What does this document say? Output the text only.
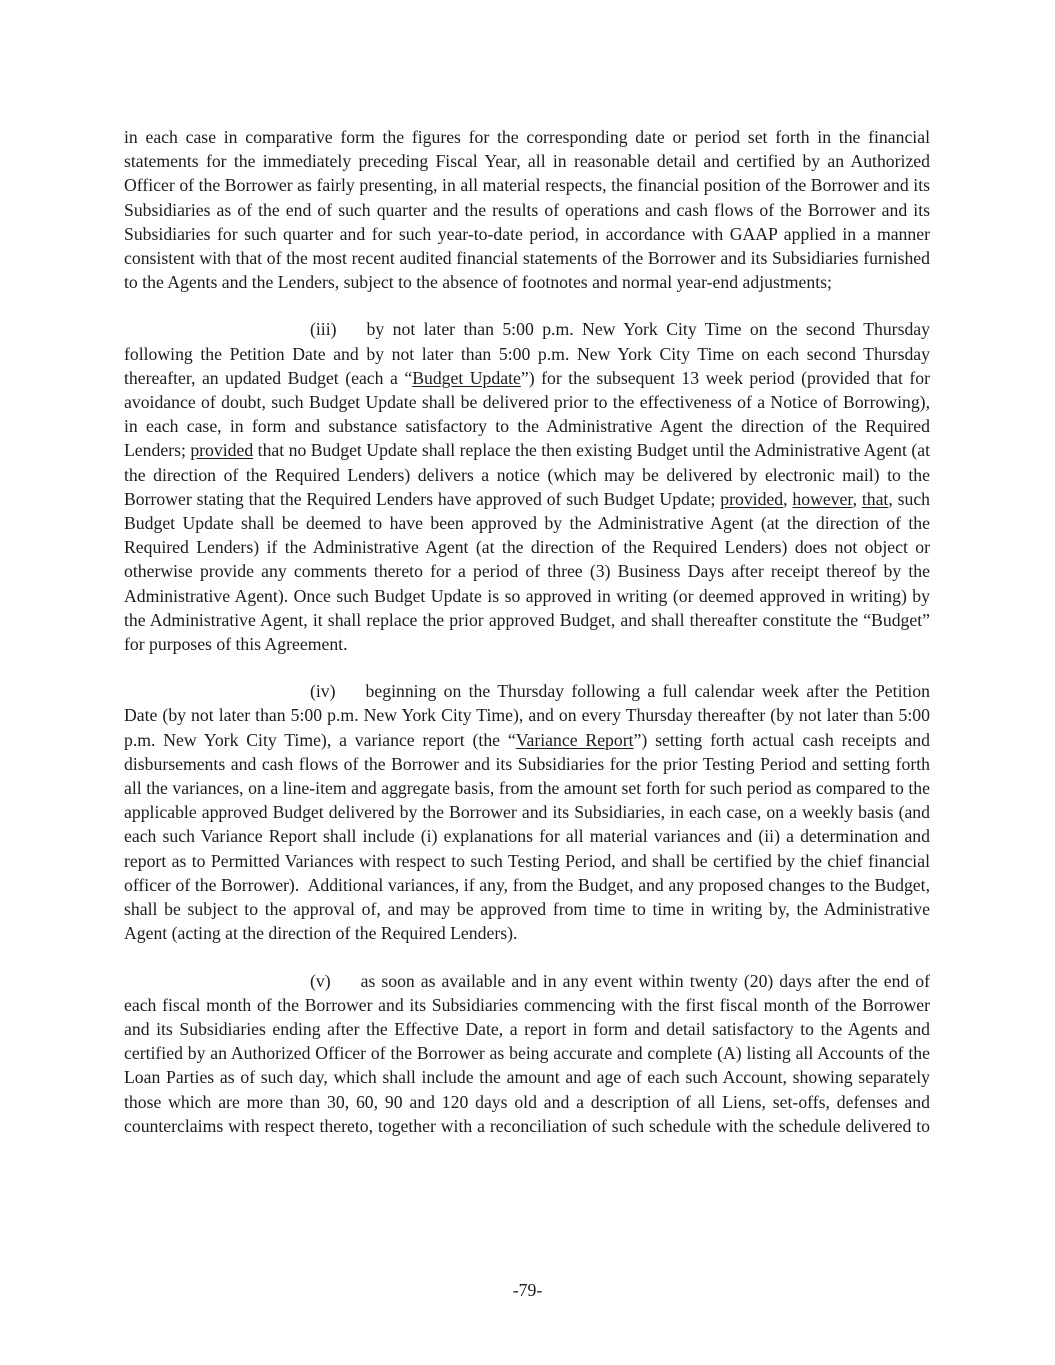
in each case in comparative form the figures for the corresponding date or period set forth in the financial statements for the immediately preceding Fiscal Year, all in reasonable detail and certified by an Authorized Officer of the Borrower as fairly presenting, in all material respects, the financial position of the Borrower and its Subsidiaries as of the end of such quarter and the results of operations and cash flows of the Borrower and its Subsidiaries for such quarter and for such year-to-date period, in accordance with GAAP applied in a manner consistent with that of the most recent audited financial statements of the Borrower and its Subsidiaries furnished to the Agents and the Lenders, subject to the absence of footnotes and normal year-end adjustments;

(iii) by not later than 5:00 p.m. New York City Time on the second Thursday following the Petition Date and by not later than 5:00 p.m. New York City Time on each second Thursday thereafter, an updated Budget (each a “Budget Update”) for the subsequent 13 week period (provided that for avoidance of doubt, such Budget Update shall be delivered prior to the effectiveness of a Notice of Borrowing), in each case, in form and substance satisfactory to the Administrative Agent the direction of the Required Lenders; provided that no Budget Update shall replace the then existing Budget until the Administrative Agent (at the direction of the Required Lenders) delivers a notice (which may be delivered by electronic mail) to the Borrower stating that the Required Lenders have approved of such Budget Update; provided, however, that, such Budget Update shall be deemed to have been approved by the Administrative Agent (at the direction of the Required Lenders) if the Administrative Agent (at the direction of the Required Lenders) does not object or otherwise provide any comments thereto for a period of three (3) Business Days after receipt thereof by the Administrative Agent). Once such Budget Update is so approved in writing (or deemed approved in writing) by the Administrative Agent, it shall replace the prior approved Budget, and shall thereafter constitute the “Budget” for purposes of this Agreement.

(iv) beginning on the Thursday following a full calendar week after the Petition Date (by not later than 5:00 p.m. New York City Time), and on every Thursday thereafter (by not later than 5:00 p.m. New York City Time), a variance report (the “Variance Report”) setting forth actual cash receipts and disbursements and cash flows of the Borrower and its Subsidiaries for the prior Testing Period and setting forth all the variances, on a line-item and aggregate basis, from the amount set forth for such period as compared to the applicable approved Budget delivered by the Borrower and its Subsidiaries, in each case, on a weekly basis (and each such Variance Report shall include (i) explanations for all material variances and (ii) a determination and report as to Permitted Variances with respect to such Testing Period, and shall be certified by the chief financial officer of the Borrower).  Additional variances, if any, from the Budget, and any proposed changes to the Budget, shall be subject to the approval of, and may be approved from time to time in writing by, the Administrative Agent (acting at the direction of the Required Lenders).

(v) as soon as available and in any event within twenty (20) days after the end of each fiscal month of the Borrower and its Subsidiaries commencing with the first fiscal month of the Borrower and its Subsidiaries ending after the Effective Date, a report in form and detail satisfactory to the Agents and certified by an Authorized Officer of the Borrower as being accurate and complete (A) listing all Accounts of the Loan Parties as of such day, which shall include the amount and age of each such Account, showing separately those which are more than 30, 60, 90 and 120 days old and a description of all Liens, set-offs, defenses and counterclaims with respect thereto, together with a reconciliation of such schedule with the schedule delivered to

-79-
